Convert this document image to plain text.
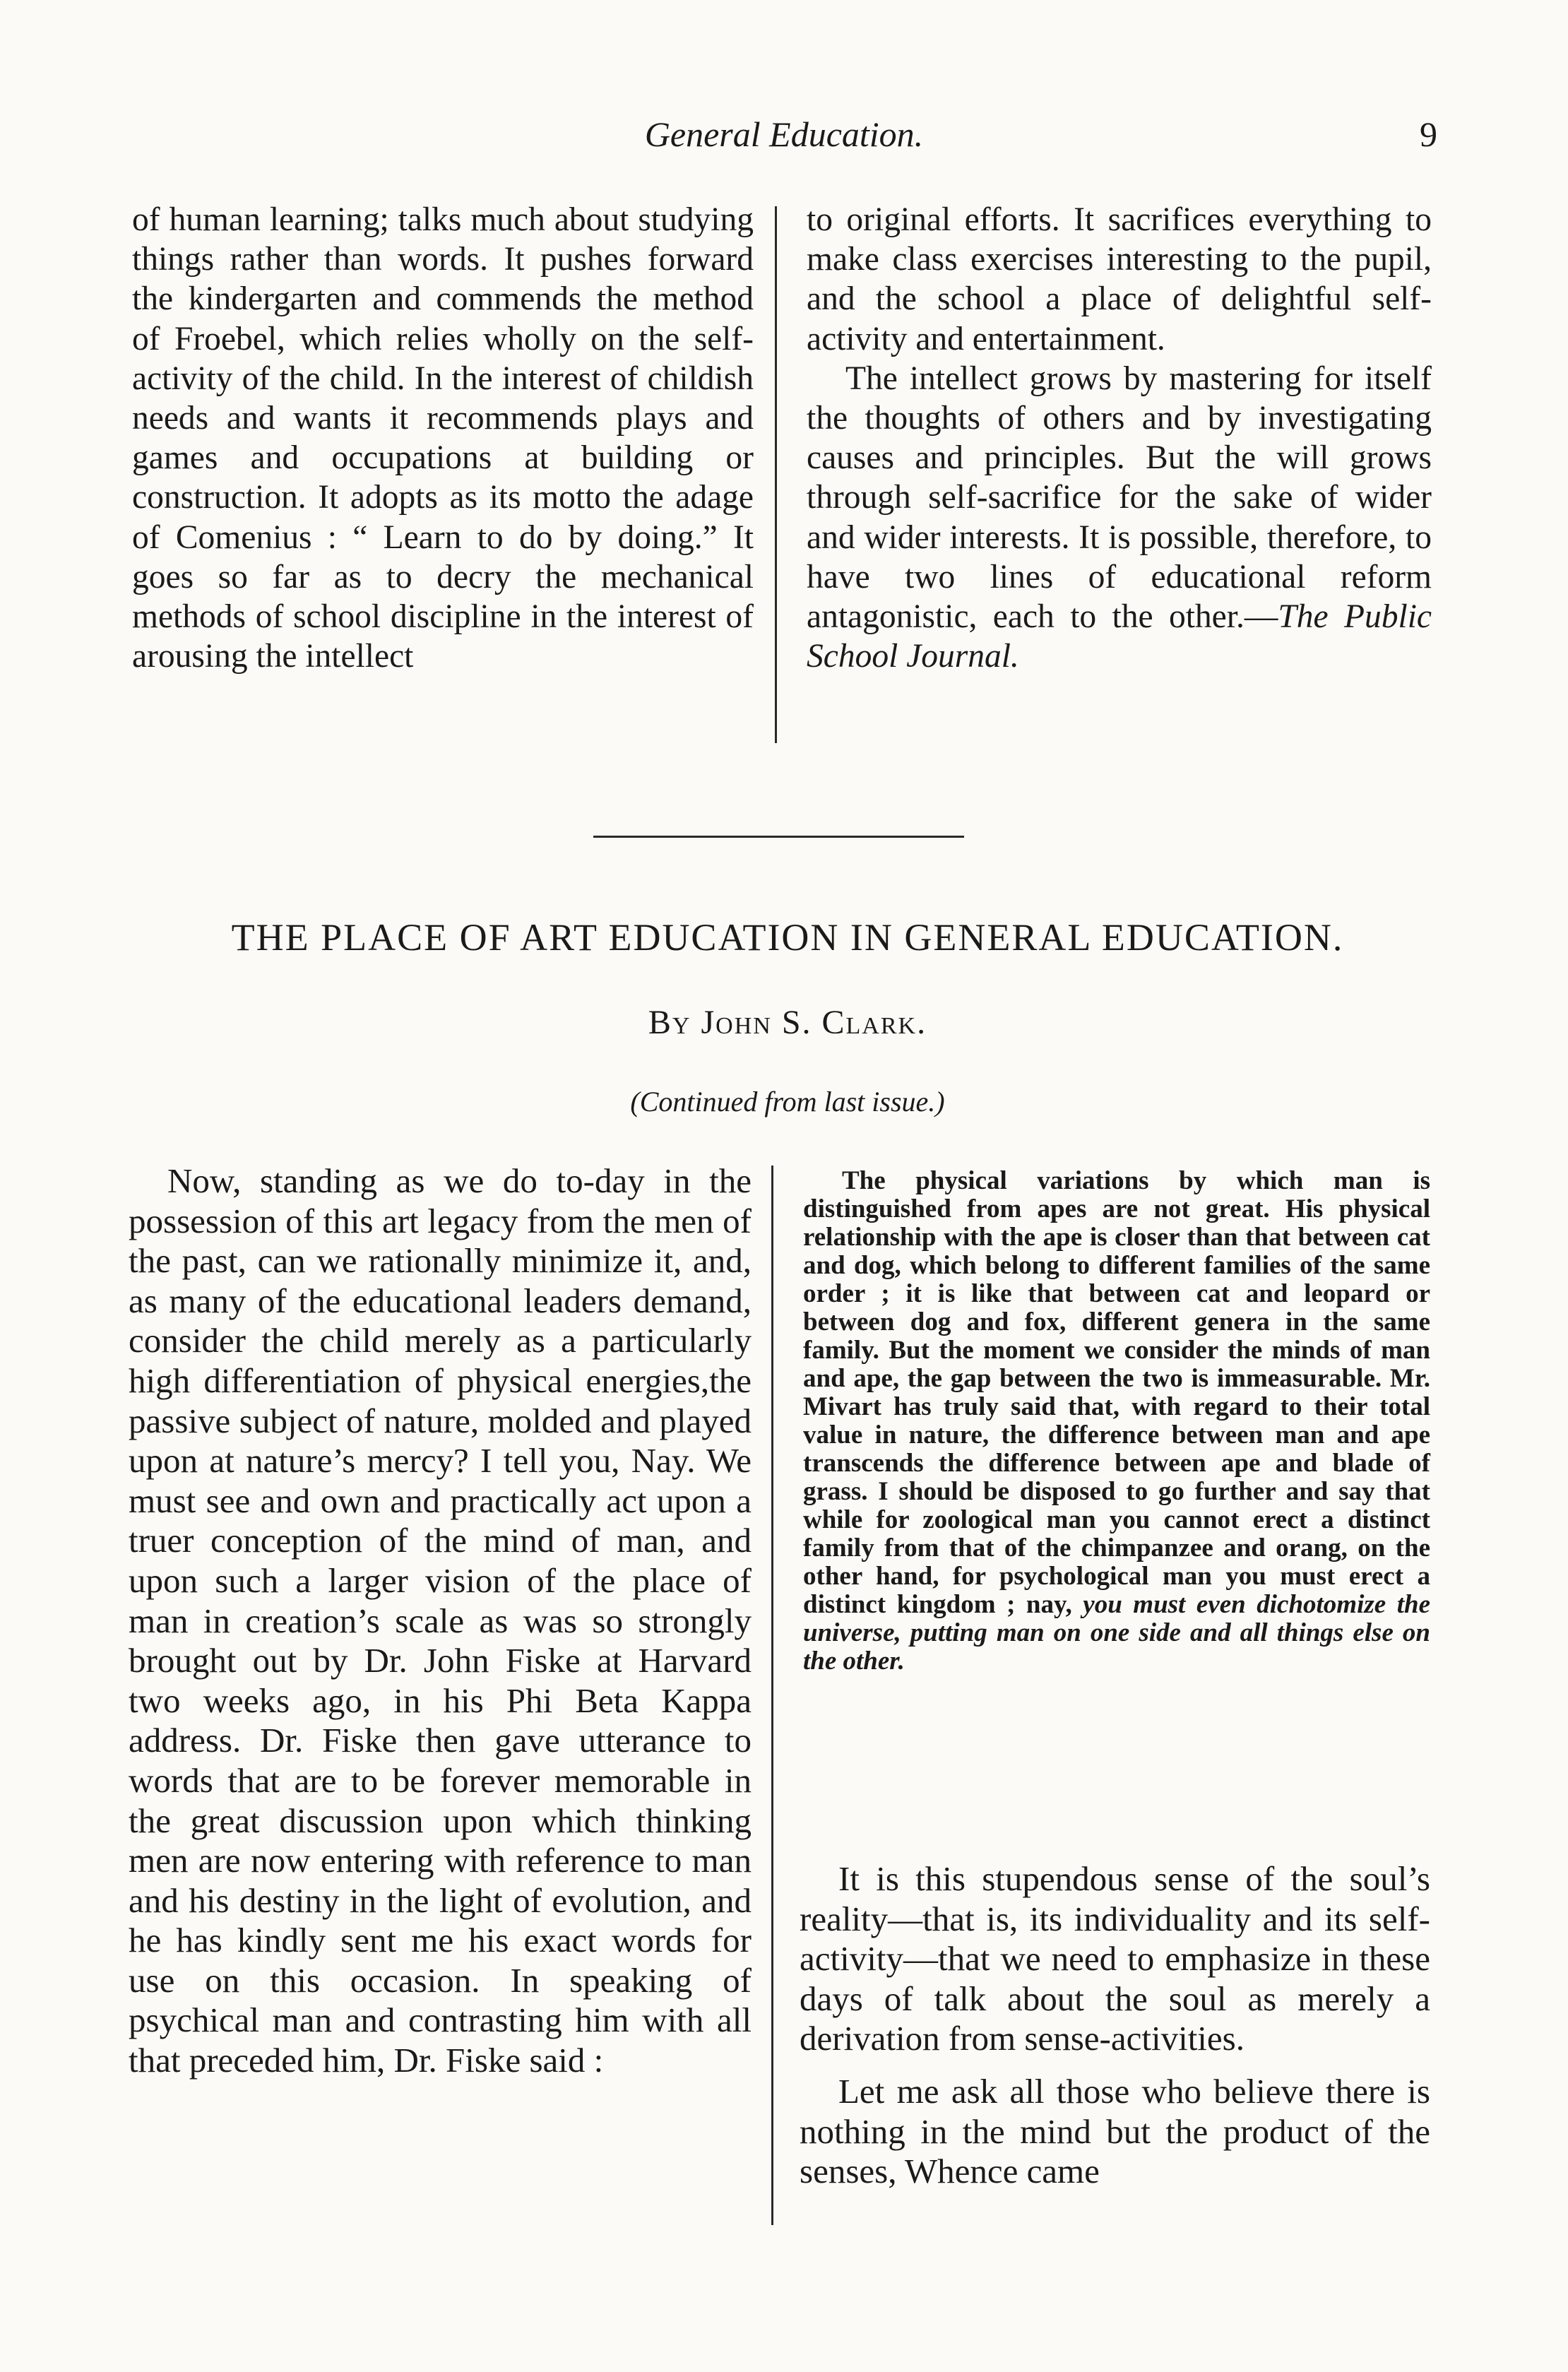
General Education.	9

of human learning; talks much about studying things rather than words. It pushes forward the kindergarten and commends the method of Froebel, which relies wholly on the self-activity of the child. In the interest of childish needs and wants it recommends plays and games and occupations at building or construction. It adopts as its motto the adage of Comenius : “ Learn to do by doing.” It goes so far as to decry the mechanical methods of school discipline in the interest of arousing the intellect

to original efforts. It sacrifices everything to make class exercises interesting to the pupil, and the school a place of delightful self-activity and entertainment.

The intellect grows by mastering for itself the thoughts of others and by investigating causes and principles. But the will grows through self-sacrifice for the sake of wider and wider interests. It is possible, therefore, to have two lines of educational reform antagonistic, each to the other.—The Public School Journal.

THE PLACE OF ART EDUCATION IN GENERAL EDUCATION.
By John S. Clark.
(Continued from last issue.)

Now, standing as we do to-day in the possession of this art legacy from the men of the past, can we rationally minimize it, and, as many of the educational leaders demand, consider the child merely as a particularly high differentiation of physical energies,the passive subject of nature, molded and played upon at nature’s mercy? I tell you, Nay. We must see and own and practically act upon a truer conception of the mind of man, and upon such a larger vision of the place of man in creation’s scale as was so strongly brought out by Dr. John Fiske at Harvard two weeks ago, in his Phi Beta Kappa address. Dr. Fiske then gave utterance to words that are to be forever memorable in the great discussion upon which thinking men are now entering with reference to man and his destiny in the light of evolution, and he has kindly sent me his exact words for use on this occasion. In speaking of psychical man and contrasting him with all that preceded him, Dr. Fiske said :

The physical variations by which man is distinguished from apes are not great. His physical relationship with the ape is closer than that between cat and dog, which belong to different families of the same order ; it is like that between cat and leopard or between dog and fox, different genera in the same family. But the moment we consider the minds of man and ape, the gap between the two is immeasurable. Mr. Mivart has truly said that, with regard to their total value in nature, the difference between man and ape transcends the difference between ape and blade of grass. I should be disposed to go further and say that while for zoological man you cannot erect a distinct family from that of the chimpanzee and orang, on the other hand, for psychological man you must erect a distinct kingdom ; nay, you must even dichotomize the universe, putting man on one side and all things else on the other.

It is this stupendous sense of the soul’s reality—that is, its individuality and its self-activity—that we need to emphasize in these days of talk about the soul as merely a derivation from sense-activities.

Let me ask all those who believe there is nothing in the mind but the product of the senses, Whence came
